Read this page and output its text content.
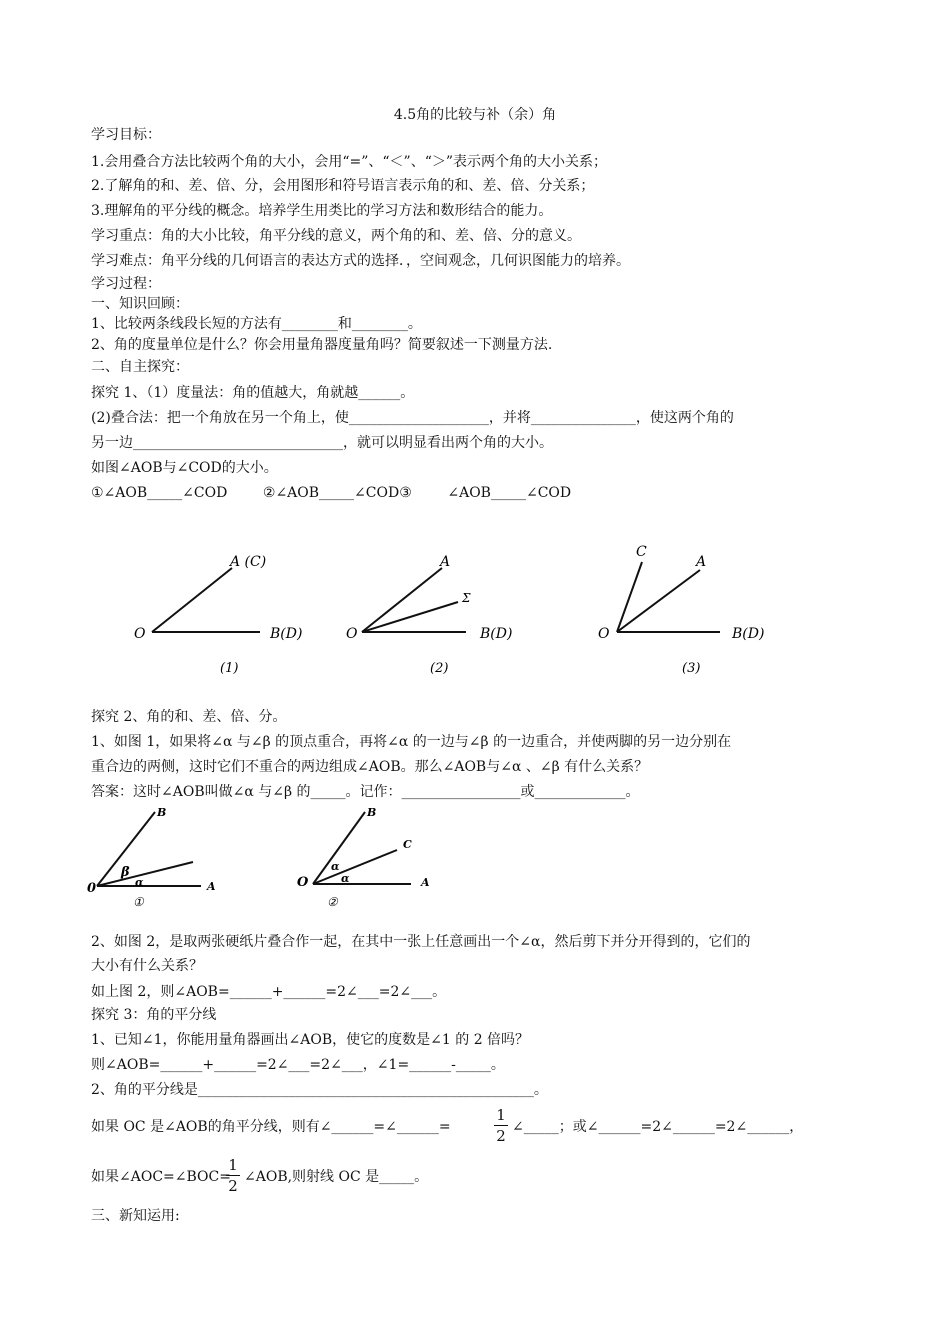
4.5角的比较与补（余）角
学习目标：
1.会用叠合方法比较两个角的大小，会用“=”、“＜”、“＞”表示两个角的大小关系；
2.了解角的和、差、倍、分，会用图形和符号语言表示角的和、差、倍、分关系；
3.理解角的平分线的概念。培养学生用类比的学习方法和数形结合的能力。
学习重点：角的大小比较，角平分线的意义，两个角的和、差、倍、分的意义。
学习难点：角平分线的几何语言的表达方式的选择．，空间观念，几何识图能力的培养。
学习过程：
一、知识回顾：
1、比较两条线段长短的方法有________和________。
2、角的度量单位是什么？你会用量角器度量角吗？简要叙述一下测量方法.
二、自主探究：
探究 1、（1）度量法：角的值越大，角就越______。
(2)叠合法：把一个角放在另一个角上，使____________________，并将_______________，使这两个角的
另一边______________________________，就可以明显看出两个角的大小。
如图∠AOB与∠COD的大小。
①∠AOB_____∠COD        ②∠AOB_____∠COD③        ∠AOB_____∠COD
A (C)
O	B(D)
(1)
A
Σ
O	B(D)
(2)
C
A
O	B(D)
(3)
探究 2、角的和、差、倍、分。
1、如图 1，如果将∠α 与∠β 的顶点重合，再将∠α 的一边与∠β 的一边重合，并使两脚的另一边分别在
重合边的两侧，这时它们不重合的两边组成∠AOB。那么∠AOB与∠α 、∠β 有什么关系？
答案：这时∠AOB叫做∠α 与∠β 的_____。记作：_________________或_____________。
B
β
α
0	A
①
B
C
α
α
O	A
②
2、如图 2，是取两张硬纸片叠合作一起，在其中一张上任意画出一个∠α，然后剪下并分开得到的，它们的
大小有什么关系？
如上图 2，则∠AOB=______+______=2∠___=2∠___。
探究 3：角的平分线
1、已知∠1，你能用量角器画出∠AOB，使它的度数是∠1 的 2 倍吗？
则∠AOB=______+______=2∠___=2∠___，∠1=______-_____。
2、角的平分线是________________________________________________。
如果 OC 是∠AOB的角平分线，则有∠______=∠______=
1
2 ∠_____；或∠______=2∠______=2∠______，
如果∠AOC=∠BOC=
1
2 ∠AOB,则射线 OC 是_____。
三、新知运用:
